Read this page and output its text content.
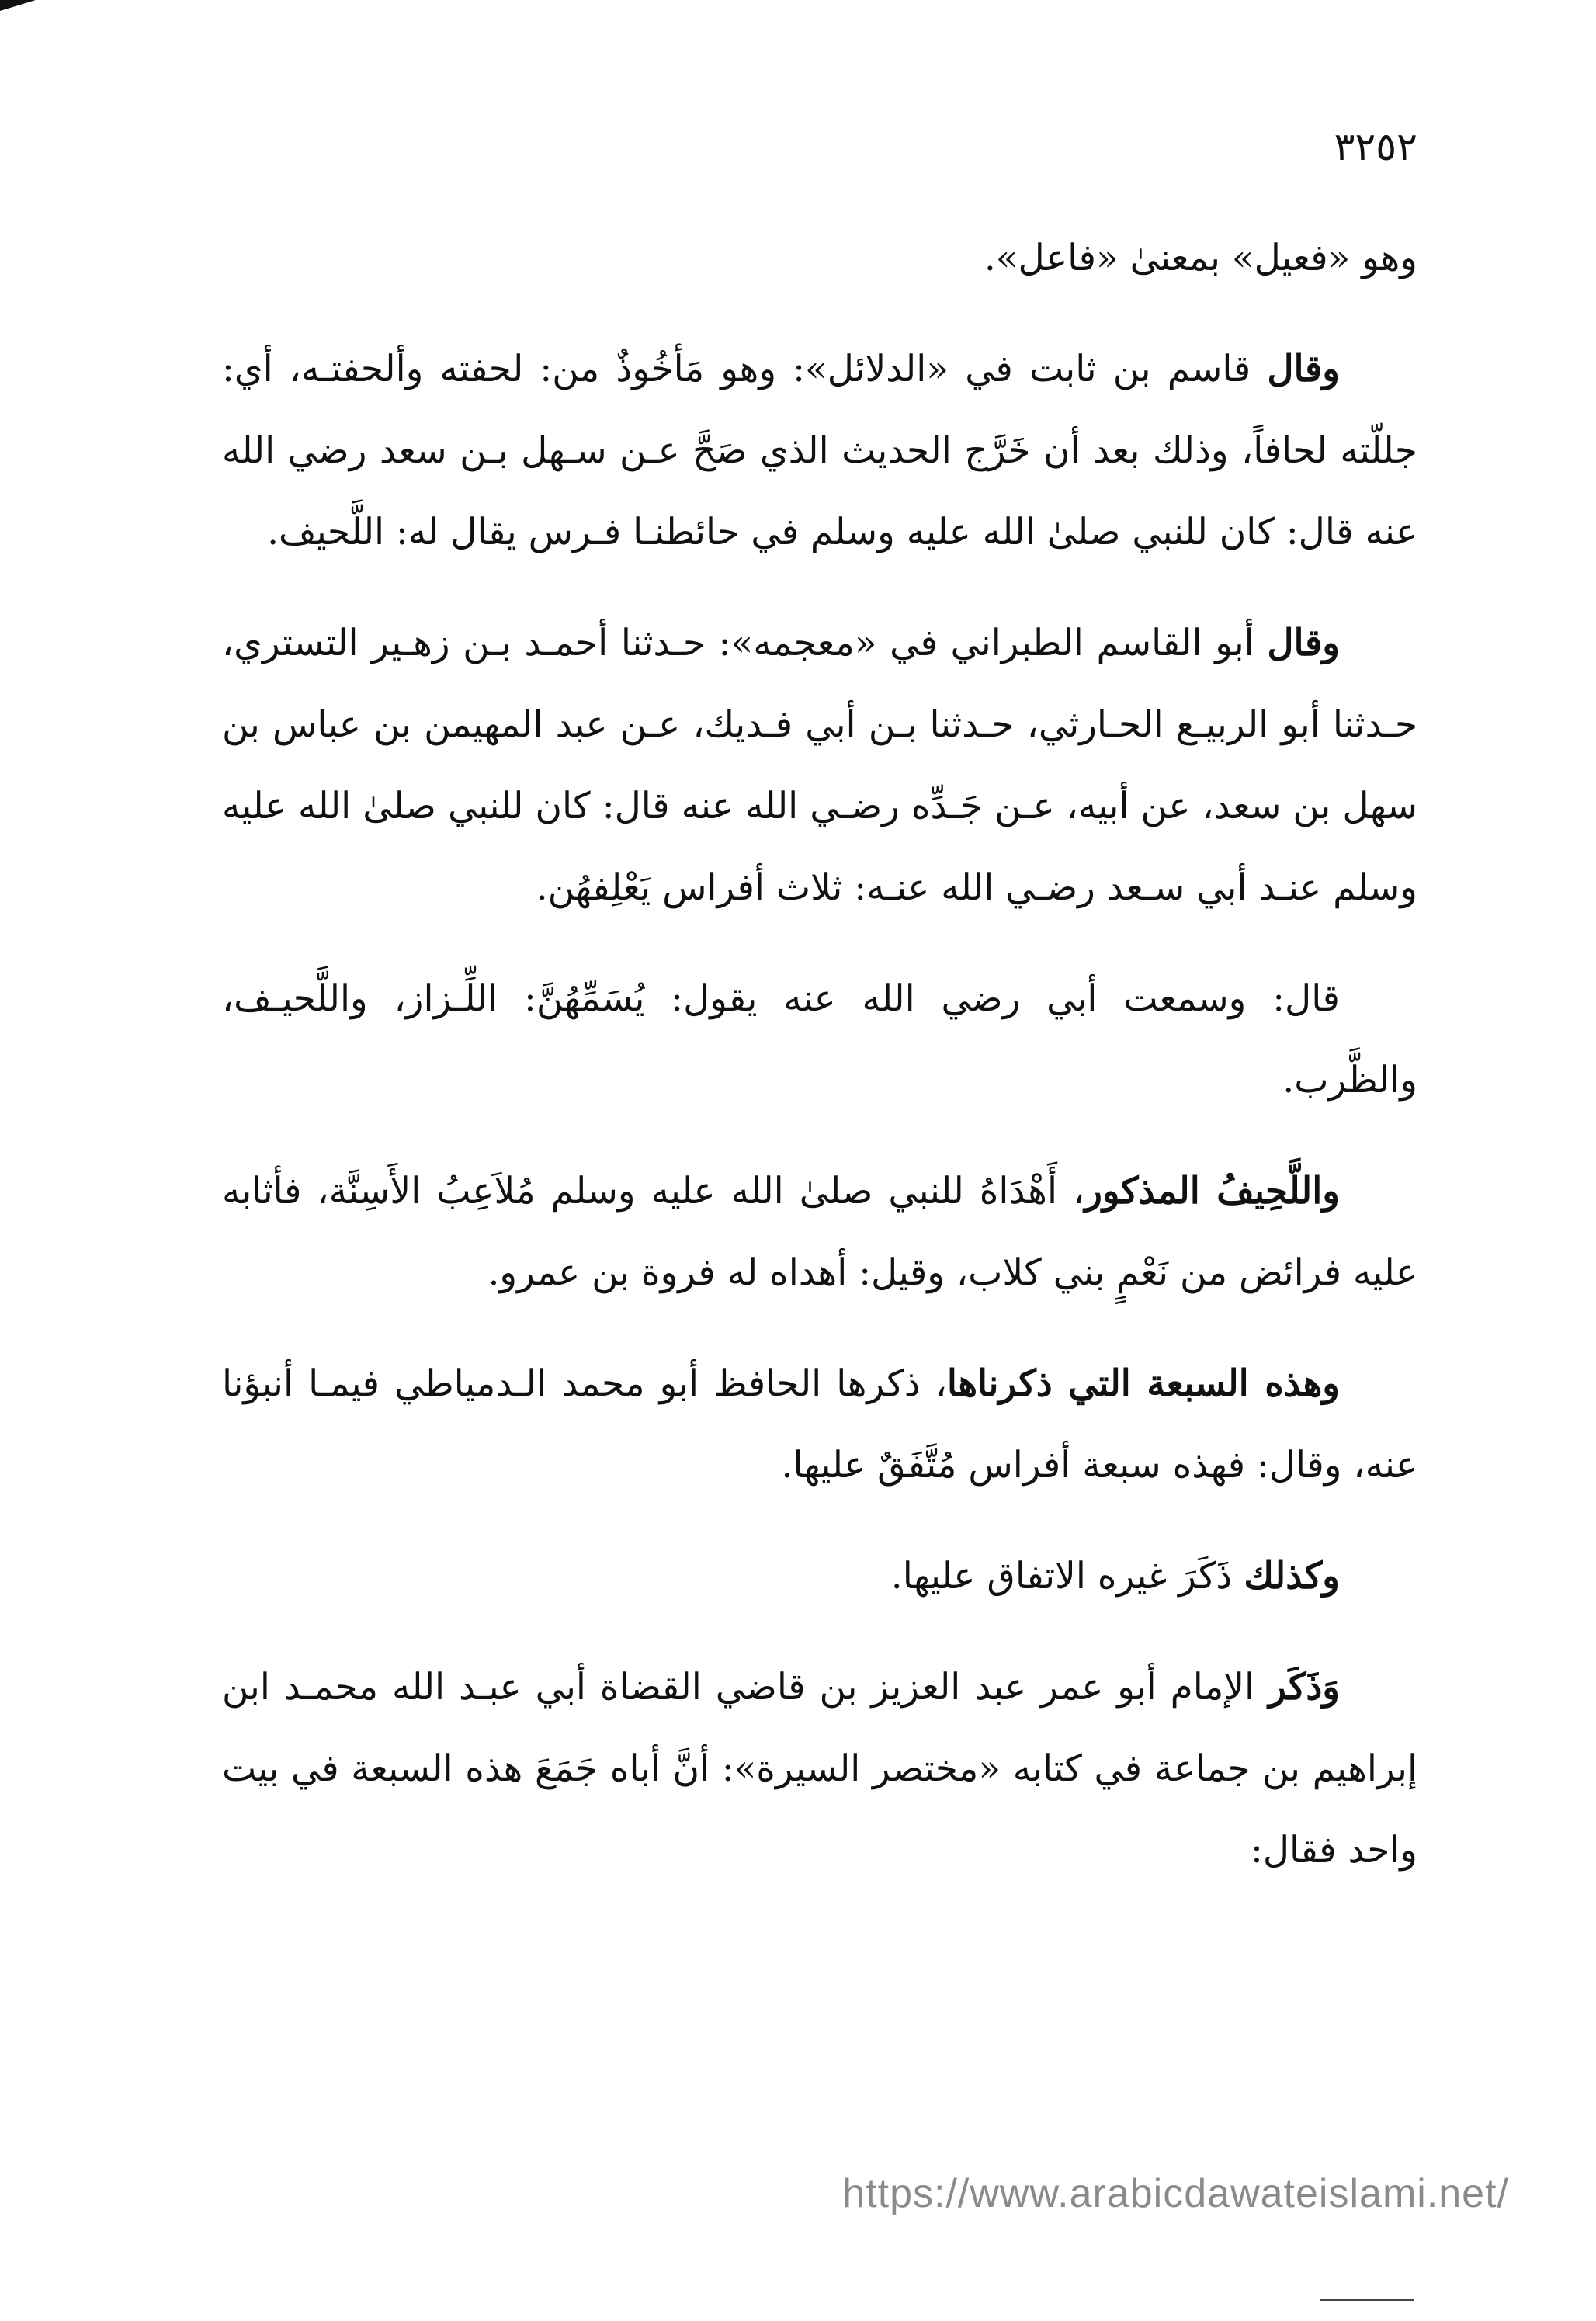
٣٢٥٢

وهو «فعيل» بمعنىٰ «فاعل».

وقال قاسم بن ثابت في «الدلائل»: وهو مَأخُوذٌ من: لحفته وألحفتـه، أي: جللّته لحافاً، وذلك بعد أن خَرَّج الحديث الذي صَحَّ عـن سـهل بـن سعد رضي الله عنه قال: كان للنبي صلىٰ الله عليه وسلم في حائطنـا فـرس يقال له: اللَّحيف.

وقال أبو القاسم الطبراني في «معجمه»: حـدثنا أحمـد بـن زهـير التستري، حـدثنا أبو الربيـع الحـارثي، حـدثنا بـن أبي فـديك، عـن عبد المهيمن بن عباس بن سهل بن سعد، عن أبيه، عـن جَـدِّه رضـي الله عنه قال: كان للنبي صلىٰ الله عليه وسلم عنـد أبي سـعد رضـي الله عنـه: ثلاث أفراس يَعْلِفهُن.

قال: وسمعت أبي رضي الله عنه يقول: يُسَمِّهُنَّ: اللِّـزاز، واللَّحيـف، والظَّرب.

واللَّحِيفُ المذكور، أَهْدَاهُ للنبي صلىٰ الله عليه وسلم مُلاَعِبُ الأَسِنَّة، فأثابه عليه فرائض من نَعْمٍ بني كلاب، وقيل: أهداه له فروة بن عمرو.

وهذه السبعة التي ذكرناها، ذكرها الحافظ أبو محمد الـدمياطي فيمـا أنبؤنا عنه، وقال: فهذه سبعة أفراس مُتَّفَقٌ عليها.

وكذلك ذَكَرَ غيره الاتفاق عليها.

وَذَكَر الإمام أبو عمر عبد العزيز بن قاضي القضاة أبي عبـد الله محمـد ابن إبراهيم بن جماعة في كتابه «مختصر السيرة»: أنَّ أباه جَمَعَ هذه السبعة في بيت واحد فقال:

https://www.arabicdawateislami.net/
